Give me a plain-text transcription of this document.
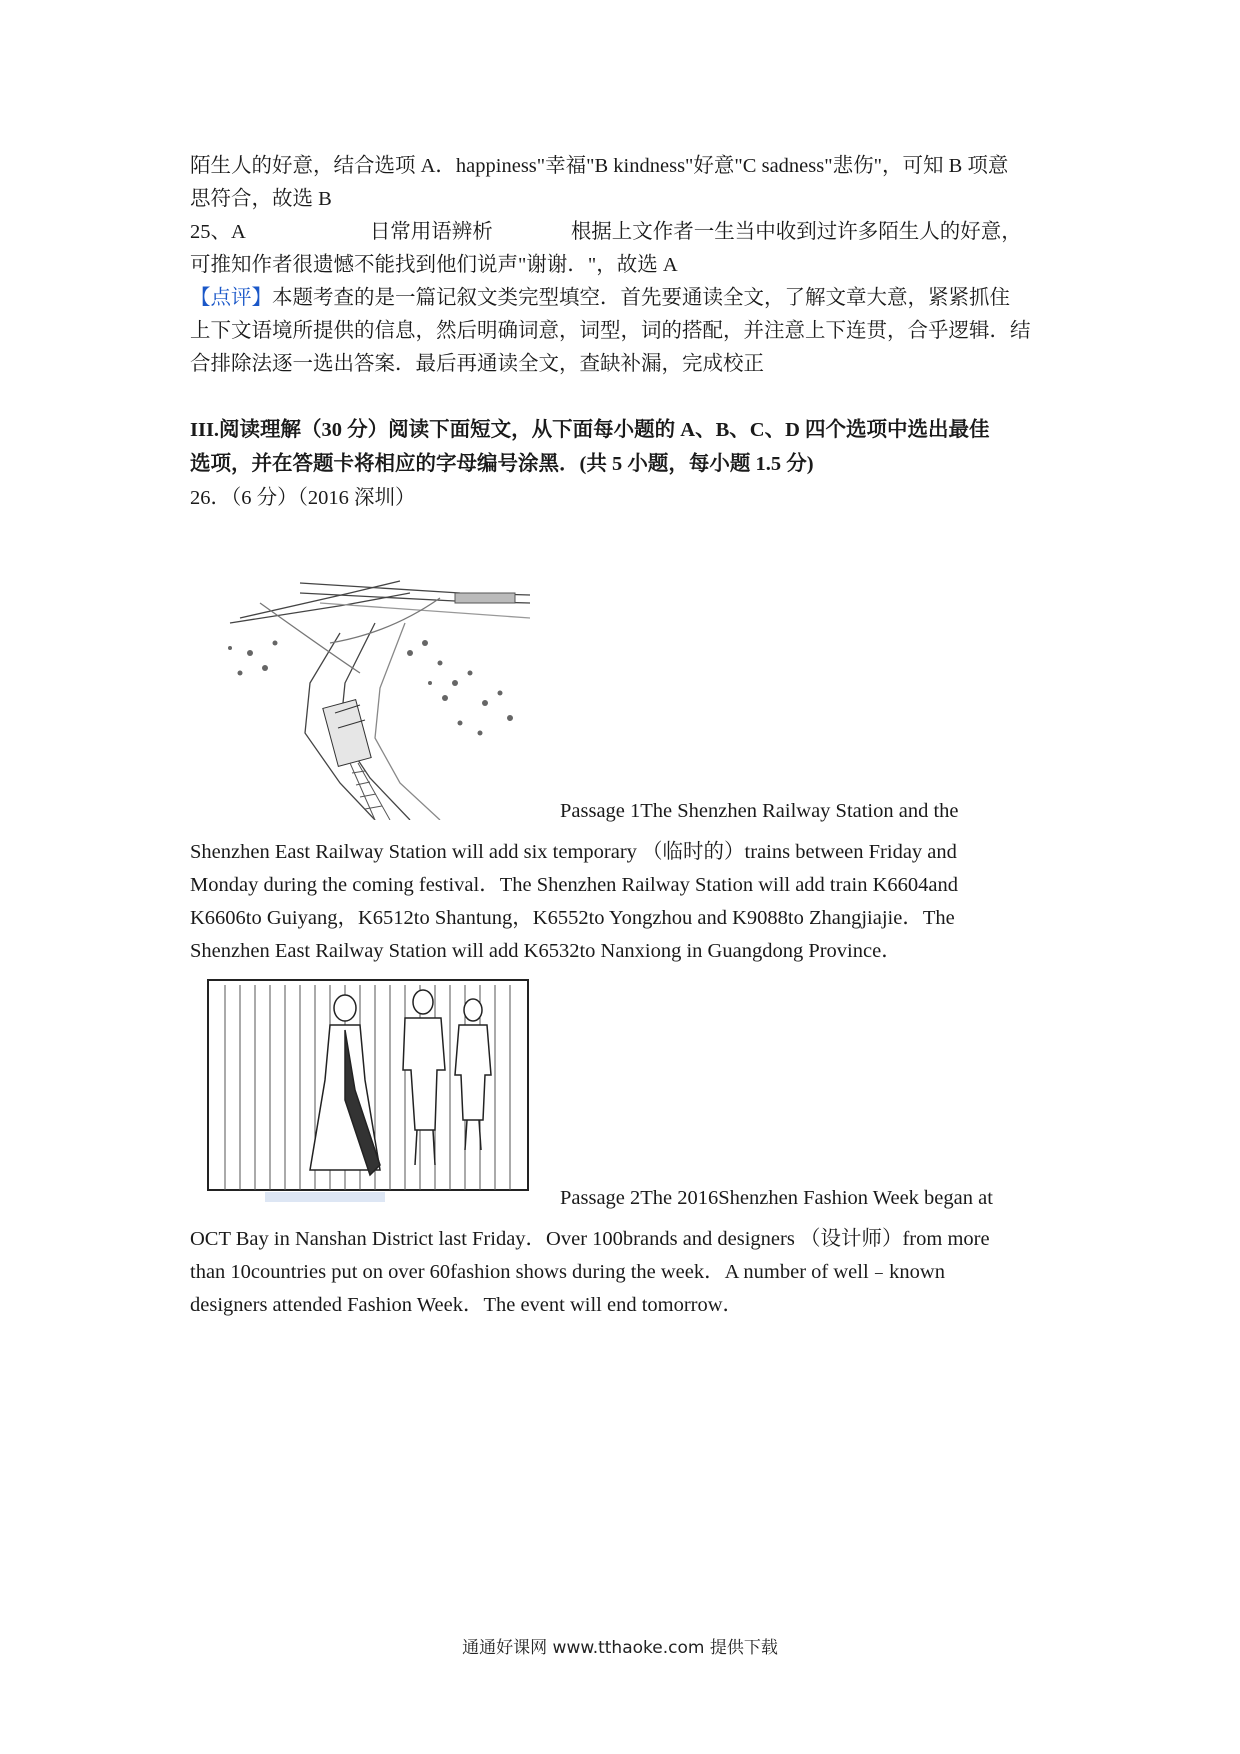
陌生人的好意，结合选项 A．happiness"幸福"B kindness"好意"C sadness"悲伤"，可知 B 项意

思符合，故选 B

25、A	日常用语辨析	根据上文作者一生当中收到过许多陌生人的好意，

可推知作者很遗憾不能找到他们说声"谢谢．"，故选 A

【点评】本题考查的是一篇记叙文类完型填空．首先要通读全文，了解文章大意，紧紧抓住

上下文语境所提供的信息，然后明确词意，词型，词的搭配，并注意上下连贯，合乎逻辑．结

合排除法逐一选出答案．最后再通读全文，查缺补漏，完成校正

III.阅读理解（30 分）阅读下面短文，从下面每小题的 A、B、C、D 四个选项中选出最佳

选项，并在答题卡将相应的字母编号涂黑．(共 5 小题，每小题 1.5 分)

26．（6 分）（2016 深圳）

Passage 1The Shenzhen Railway Station and the

Shenzhen East Railway Station will add six temporary （临时的）trains between Friday and

Monday during the coming festival．The Shenzhen Railway Station will add train K6604and

K6606to Guiyang，K6512to Shantung，K6552to Yongzhou and K9088to Zhangjiajie．The

Shenzhen East Railway Station will add K6532to Nanxiong in Guangdong Province．

Passage 2The 2016Shenzhen Fashion Week began at

OCT Bay in Nanshan District last Friday．Over 100brands and designers （设计师）from more

than 10countries put on over 60fashion shows during the week．A number of well﹣known

designers attended Fashion Week．The event will end tomorrow．

通通好课网 www.tthaoke.com 提供下载
